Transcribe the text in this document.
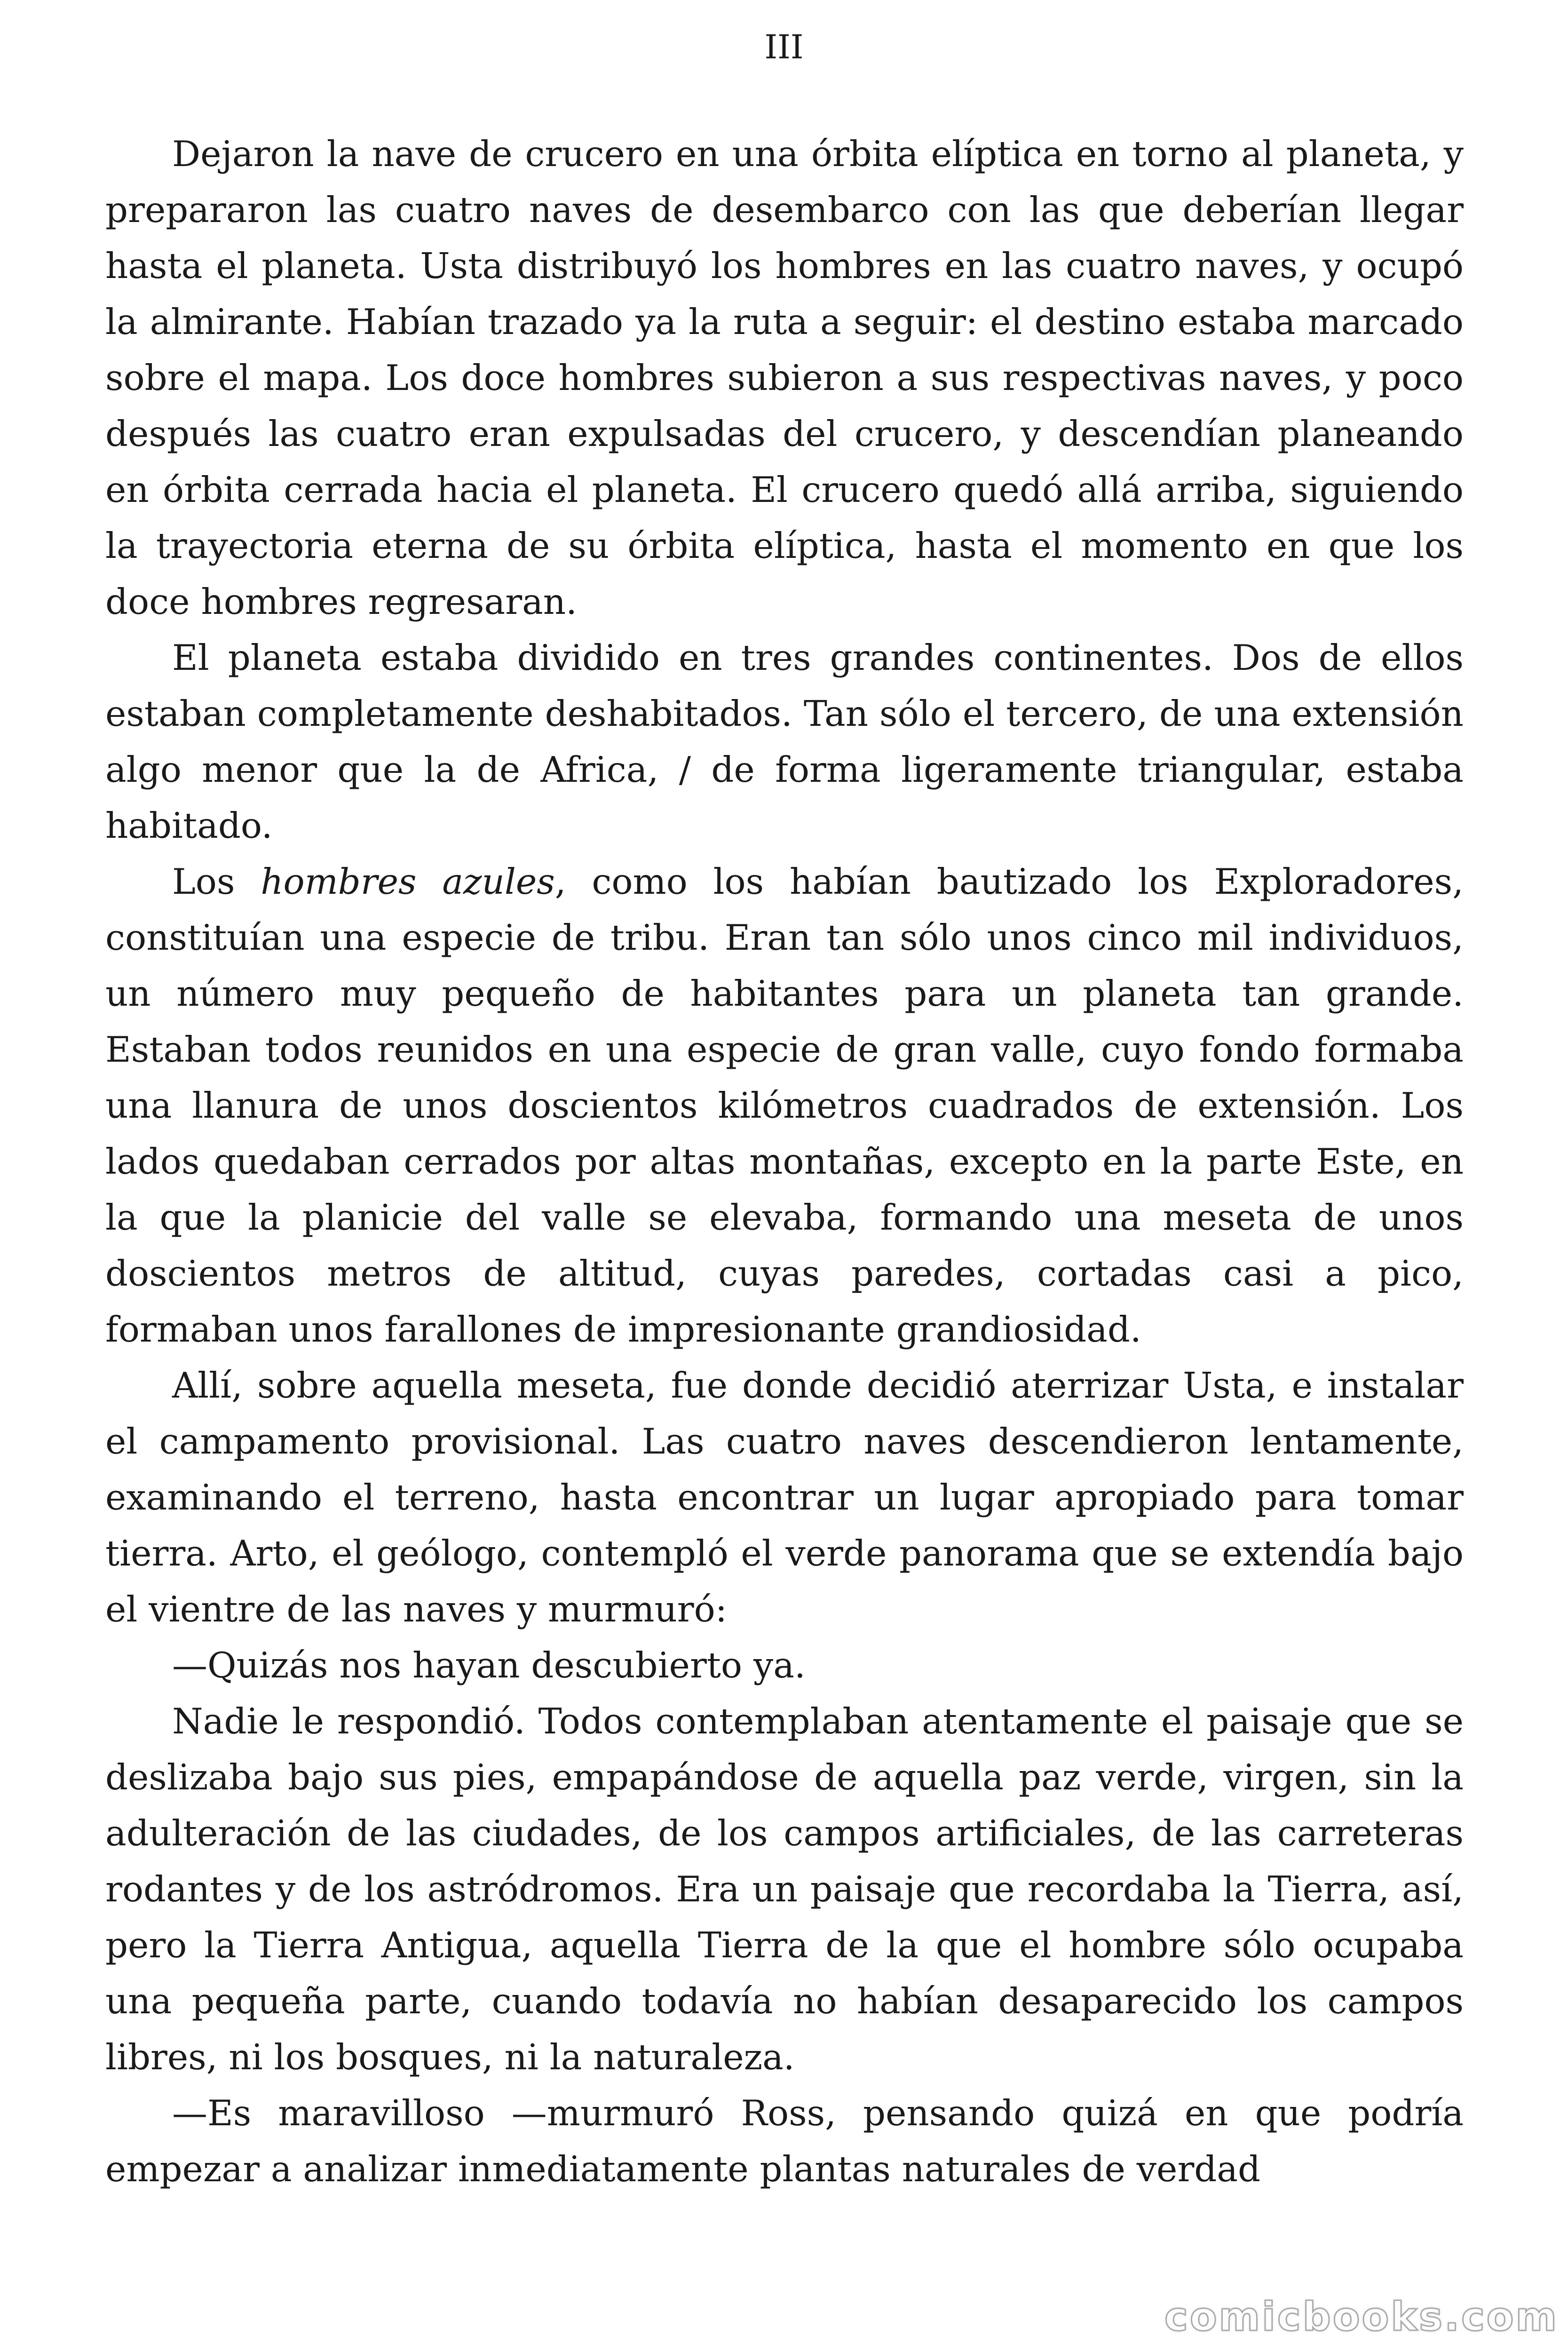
III

Dejaron la nave de crucero en una órbita elíptica en torno al planeta, y prepararon las cuatro naves de desembarco con las que deberían llegar hasta el planeta. Usta distribuyó los hombres en las cuatro naves, y ocupó la almirante. Habían trazado ya la ruta a seguir: el destino estaba marcado sobre el mapa. Los doce hombres subieron a sus respectivas naves, y poco después las cuatro eran expulsadas del crucero, y descendían planeando en órbita cerrada hacia el planeta. El crucero quedó allá arriba, siguiendo la trayectoria eterna de su órbita elíptica, hasta el momento en que los doce hombres regresaran.

El planeta estaba dividido en tres grandes continentes. Dos de ellos estaban completamente deshabitados. Tan sólo el tercero, de una extensión algo menor que la de Africa, / de forma ligeramente triangular, estaba habitado.

Los hombres azules, como los habían bautizado los Exploradores, constituían una especie de tribu. Eran tan sólo unos cinco mil individuos, un número muy pequeño de habitantes para un planeta tan grande. Estaban todos reunidos en una especie de gran valle, cuyo fondo formaba una llanura de unos doscientos kilómetros cuadrados de extensión. Los lados quedaban cerrados por altas montañas, excepto en la parte Este, en la que la planicie del valle se elevaba, formando una meseta de unos doscientos metros de altitud, cuyas paredes, cortadas casi a pico, formaban unos farallones de impresionante grandiosidad.

Allí, sobre aquella meseta, fue donde decidió aterrizar Usta, e instalar el campamento provisional. Las cuatro naves descendieron lentamente, examinando el terreno, hasta encontrar un lugar apropiado para tomar tierra. Arto, el geólogo, contempló el verde panorama que se extendía bajo el vientre de las naves y murmuró:

—Quizás nos hayan descubierto ya.

Nadie le respondió. Todos contemplaban atentamente el paisaje que se deslizaba bajo sus pies, empapándose de aquella paz verde, virgen, sin la adulteración de las ciudades, de los campos artificiales, de las carreteras rodantes y de los astródromos. Era un paisaje que recordaba la Tierra, así, pero la Tierra Antigua, aquella Tierra de la que el hombre sólo ocupaba una pequeña parte, cuando todavía no habían desaparecido los campos libres, ni los bosques, ni la naturaleza.

—Es maravilloso —murmuró Ross, pensando quizá en que podría empezar a analizar inmediatamente plantas naturales de verdad

comicbooks.com
